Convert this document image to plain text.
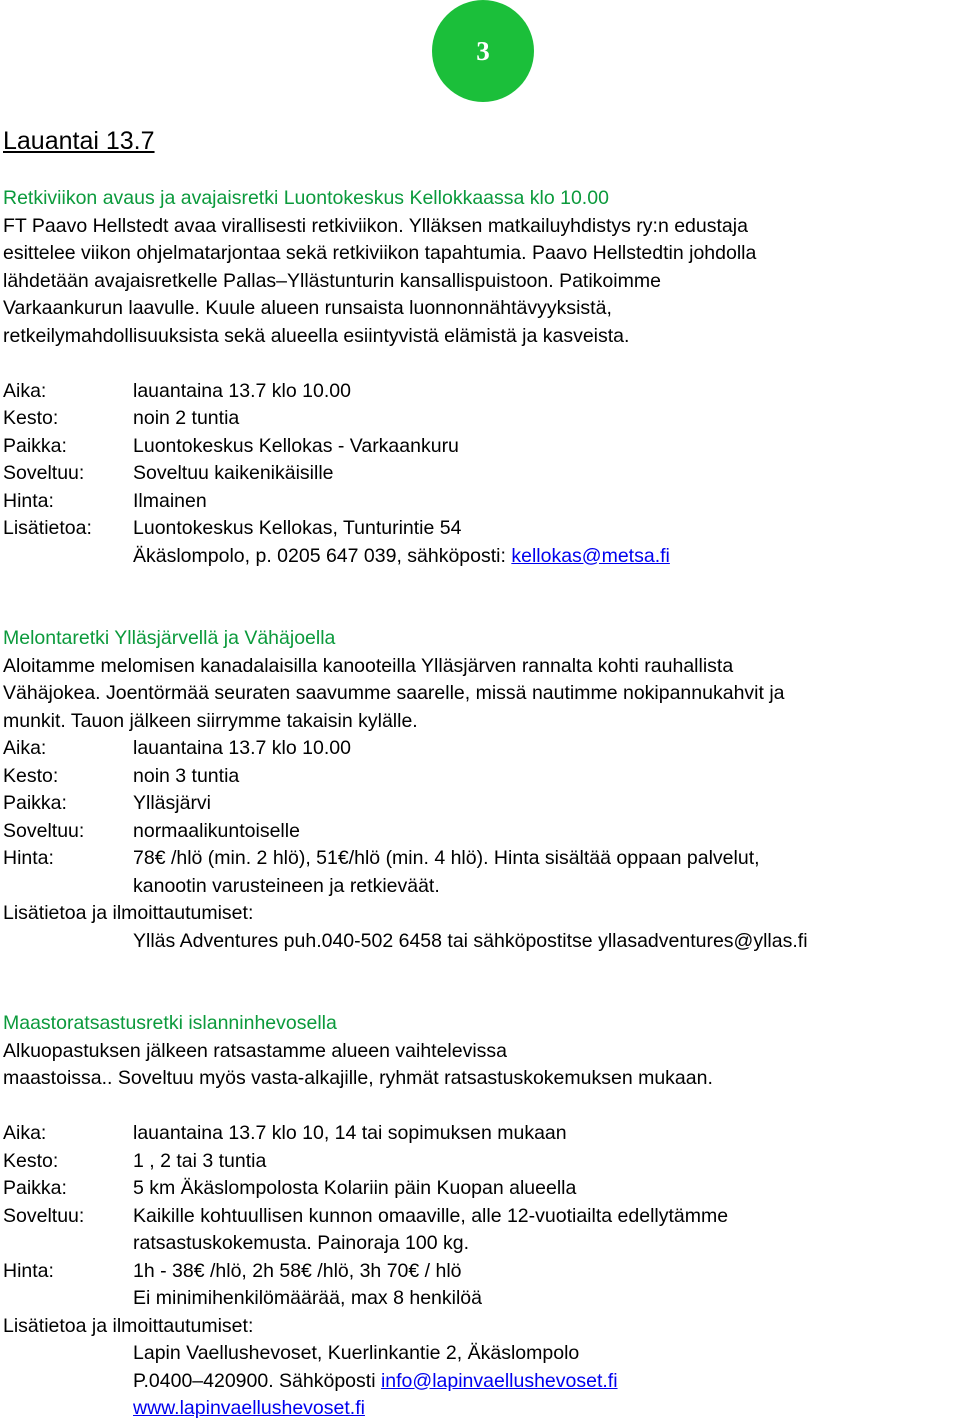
3
Lauantai 13.7
Retkiviikon avaus ja avajaisretki Luontokeskus Kellokkaassa klo 10.00

FT Paavo Hellstedt avaa virallisesti retkiviikon. Ylläksen matkailuyhdistys ry:n edustaja

esittelee viikon ohjelmatarjontaa sekä retkiviikon tapahtumia. Paavo Hellstedtin johdolla

lähdetään avajaisretkelle Pallas–Yllästunturin kansallispuistoon. Patikoimme

Varkaankurun laavulle. Kuule alueen runsaista luonnonnähtävyyksistä,

retkeilymahdollisuuksista sekä alueella esiintyvistä elämistä ja kasveista.

Aika:	lauantaina 13.7 klo 10.00
Kesto:	noin 2 tuntia
Paikka:	Luontokeskus Kellokas - Varkaankuru
Soveltuu:	Soveltuu kaikenikäisille
Hinta:	Ilmainen
Lisätietoa:	Luontokeskus Kellokas, Tunturintie 54
Äkäslompolo, p. 0205 647 039, sähköposti: kellokas@metsa.fi
Melontaretki Ylläsjärvellä ja Vähäjoella

Aloitamme melomisen kanadalaisilla kanooteilla Ylläsjärven rannalta kohti rauhallista

Vähäjokea. Joentörmää seuraten saavumme saarelle, missä nautimme nokipannukahvit ja

munkit. Tauon jälkeen siirrymme takaisin kylälle.

Aika:	lauantaina 13.7 klo 10.00
Kesto:	noin 3 tuntia
Paikka:	Ylläsjärvi
Soveltuu:	normaalikuntoiselle
Hinta:	78€ /hlö (min. 2 hlö), 51€/hlö (min. 4 hlö). Hinta sisältää oppaan palvelut,
kanootin varusteineen ja retkieväät.
Lisätietoa ja ilmoittautumiset:
Ylläs Adventures puh.040-502 6458 tai sähköpostitse yllasadventures@yllas.fi
Maastoratsastusretki islanninhevosella

Alkuopastuksen jälkeen ratsastamme alueen vaihtelevissa

maastoissa.. Soveltuu myös vasta-alkajille, ryhmät ratsastuskokemuksen mukaan.

Aika:	lauantaina 13.7 klo 10, 14 tai sopimuksen mukaan
Kesto:	1 , 2 tai 3 tuntia
Paikka:	5 km Äkäslompolosta Kolariin päin Kuopan alueella
Soveltuu:	Kaikille kohtuullisen kunnon omaaville, alle 12-vuotiailta edellytämme
ratsastuskokemusta. Painoraja 100 kg.
Hinta:	1h - 38€ /hlö, 2h 58€ /hlö, 3h 70€ / hlö
Ei minimihenkilömäärää, max 8 henkilöä
Lisätietoa ja ilmoittautumiset:
Lapin Vaellushevoset, Kuerlinkantie 2, Äkäslompolo
P.0400–420900. Sähköposti info@lapinvaellushevoset.fi
www.lapinvaellushevoset.fi
